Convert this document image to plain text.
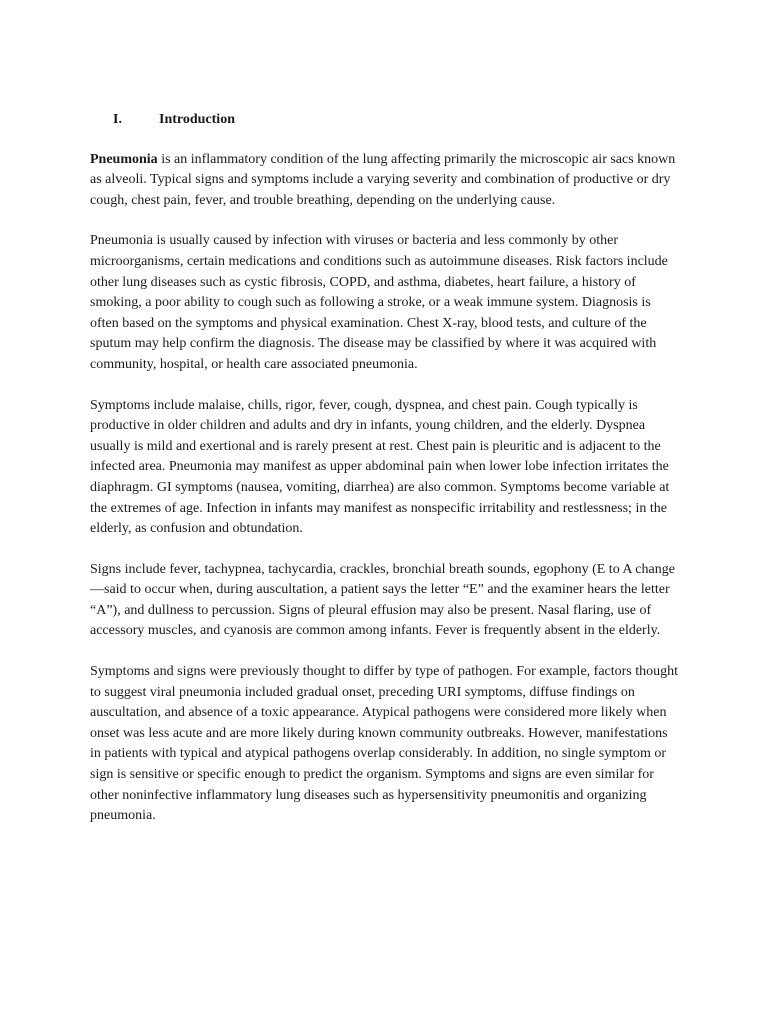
I.	Introduction

Pneumonia is an inflammatory condition of the lung affecting primarily the microscopic air sacs known as alveoli. Typical signs and symptoms include a varying severity and combination of productive or dry cough, chest pain, fever, and trouble breathing, depending on the underlying cause.

Pneumonia is usually caused by infection with viruses or bacteria and less commonly by other microorganisms, certain medications and conditions such as autoimmune diseases. Risk factors include other lung diseases such as cystic fibrosis, COPD, and asthma, diabetes, heart failure, a history of smoking, a poor ability to cough such as following a stroke, or a weak immune system. Diagnosis is often based on the symptoms and physical examination. Chest X-ray, blood tests, and culture of the sputum may help confirm the diagnosis. The disease may be classified by where it was acquired with community, hospital, or health care associated pneumonia.

Symptoms include malaise, chills, rigor, fever, cough, dyspnea, and chest pain. Cough typically is productive in older children and adults and dry in infants, young children, and the elderly. Dyspnea usually is mild and exertional and is rarely present at rest. Chest pain is pleuritic and is adjacent to the infected area. Pneumonia may manifest as upper abdominal pain when lower lobe infection irritates the diaphragm. GI symptoms (nausea, vomiting, diarrhea) are also common. Symptoms become variable at the extremes of age. Infection in infants may manifest as nonspecific irritability and restlessness; in the elderly, as confusion and obtundation.

Signs include fever, tachypnea, tachycardia, crackles, bronchial breath sounds, egophony (E to A change—said to occur when, during auscultation, a patient says the letter “E” and the examiner hears the letter “A”), and dullness to percussion. Signs of pleural effusion may also be present. Nasal flaring, use of accessory muscles, and cyanosis are common among infants. Fever is frequently absent in the elderly.

Symptoms and signs were previously thought to differ by type of pathogen. For example, factors thought to suggest viral pneumonia included gradual onset, preceding URI symptoms, diffuse findings on auscultation, and absence of a toxic appearance. Atypical pathogens were considered more likely when onset was less acute and are more likely during known community outbreaks. However, manifestations in patients with typical and atypical pathogens overlap considerably. In addition, no single symptom or sign is sensitive or specific enough to predict the organism. Symptoms and signs are even similar for other noninfective inflammatory lung diseases such as hypersensitivity pneumonitis and organizing pneumonia.
